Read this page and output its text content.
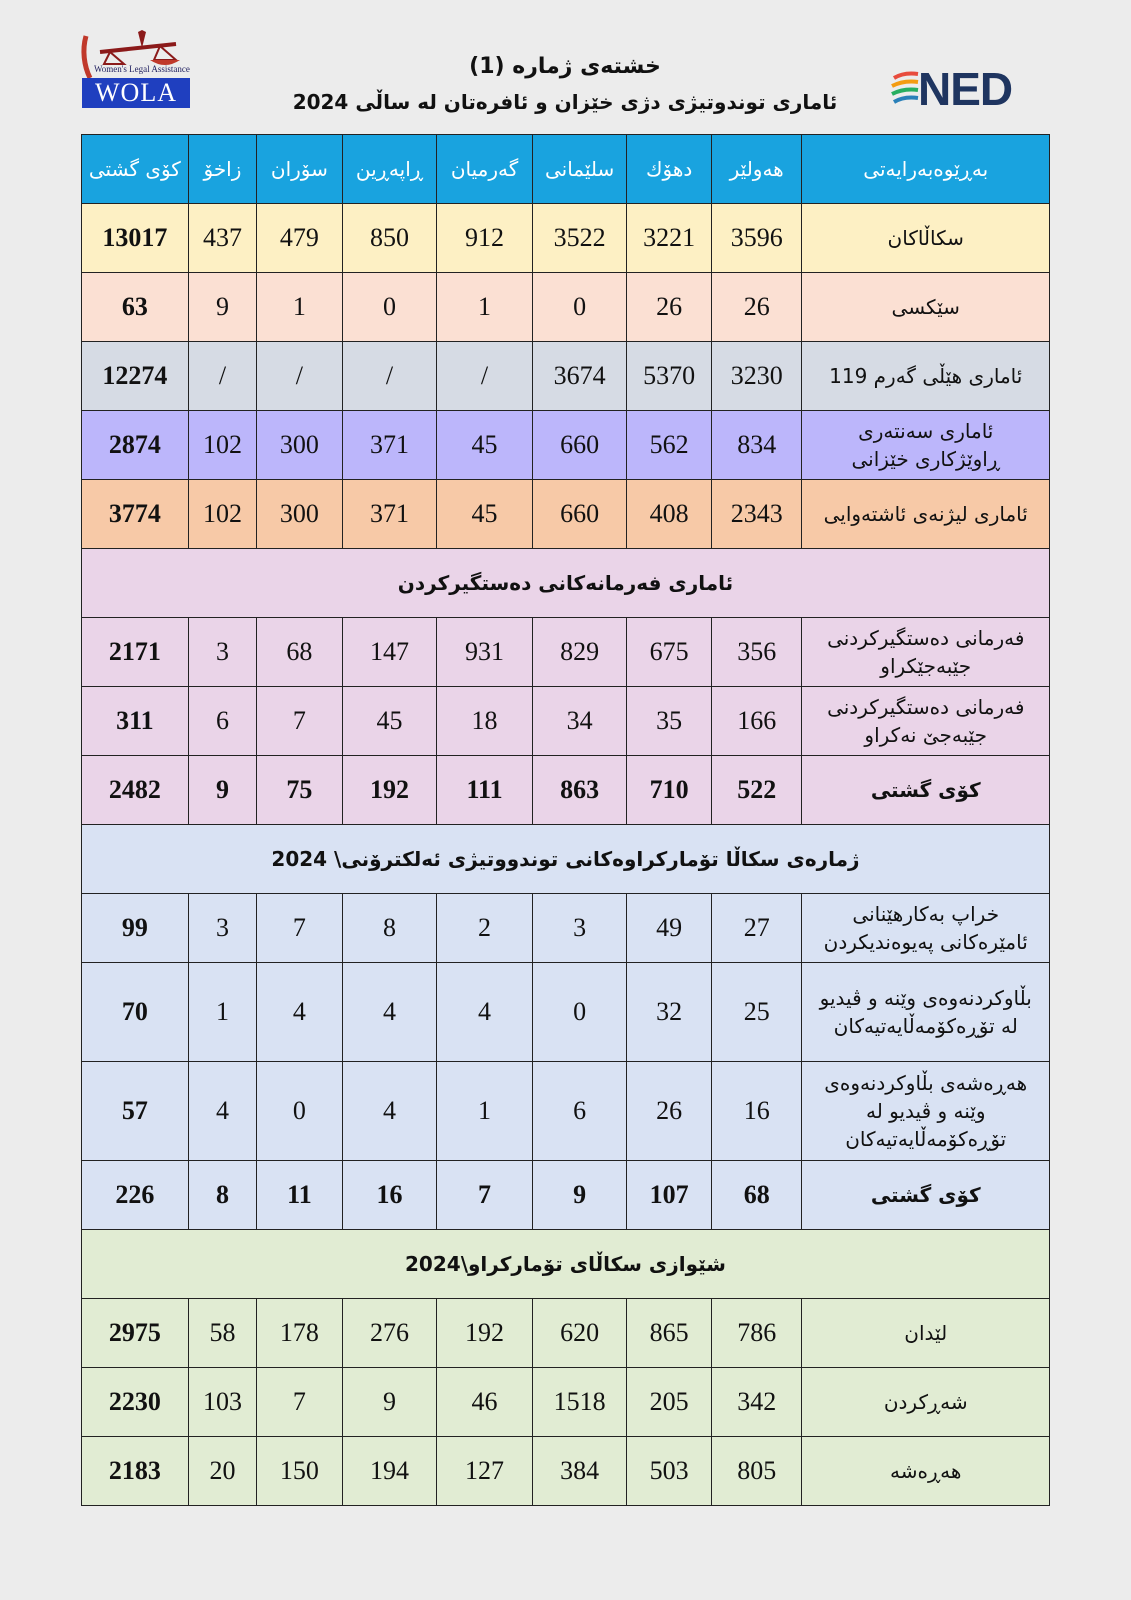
Women's Legal Assistance
WOLA
خشتەی ژمارە (1)
ئاماری توندوتیژی دژی خێزان و ئافرەتان لە ساڵی 2024	NED
بەڕێوەبەرایەتی	هەولێر	دهۆك	سلێمانی	گەرمیان	ڕاپەڕین	سۆران	زاخۆ	کۆی گشتی
سکاڵاکان	3596	3221	3522	912	850	479	437	13017
سێکسی	26	26	0	1	0	1	9	63
ئاماری هێڵی گەرم 119	3230	5370	3674	/	/	/	/	12274
ئاماری سەنتەری ڕاوێژکاری خێزانی	834	562	660	45	371	300	102	2874
ئاماری لیژنەی ئاشتەوایی	2343	408	660	45	371	300	102	3774
ئاماری فەرمانەکانی دەستگیرکردن								
فەرمانی دەستگیرکردنی جێبەجێکراو	356	675	829	931	147	68	3	2171
فەرمانی دەستگیرکردنی جێبەجێ نەکراو	166	35	34	18	45	7	6	311
کۆی گشتی	522	710	863	111	192	75	9	2482
ژمارەی سکاڵا تۆمارکراوەکانی توندووتیژی ئەلکترۆنی\ 2024								
خراپ بەکارهێنانی ئامێرەکانی پەیوەندیکردن	27	49	3	2	8	7	3	99
بڵاوکردنەوەی وێنە و ڤیدیو لە تۆڕەکۆمەڵایەتیەکان	25	32	0	4	4	4	1	70
هەڕەشەی بڵاوکردنەوەی وێنە و ڤیدیو لە تۆڕەکۆمەڵایەتیەکان	16	26	6	1	4	0	4	57
کۆی گشتی	68	107	9	7	16	11	8	226
شێوازی سکاڵای تۆمارکراو\2024								
لێدان	786	865	620	192	276	178	58	2975
شەڕکردن	342	205	1518	46	9	7	103	2230
هەڕەشە	805	503	384	127	194	150	20	2183
